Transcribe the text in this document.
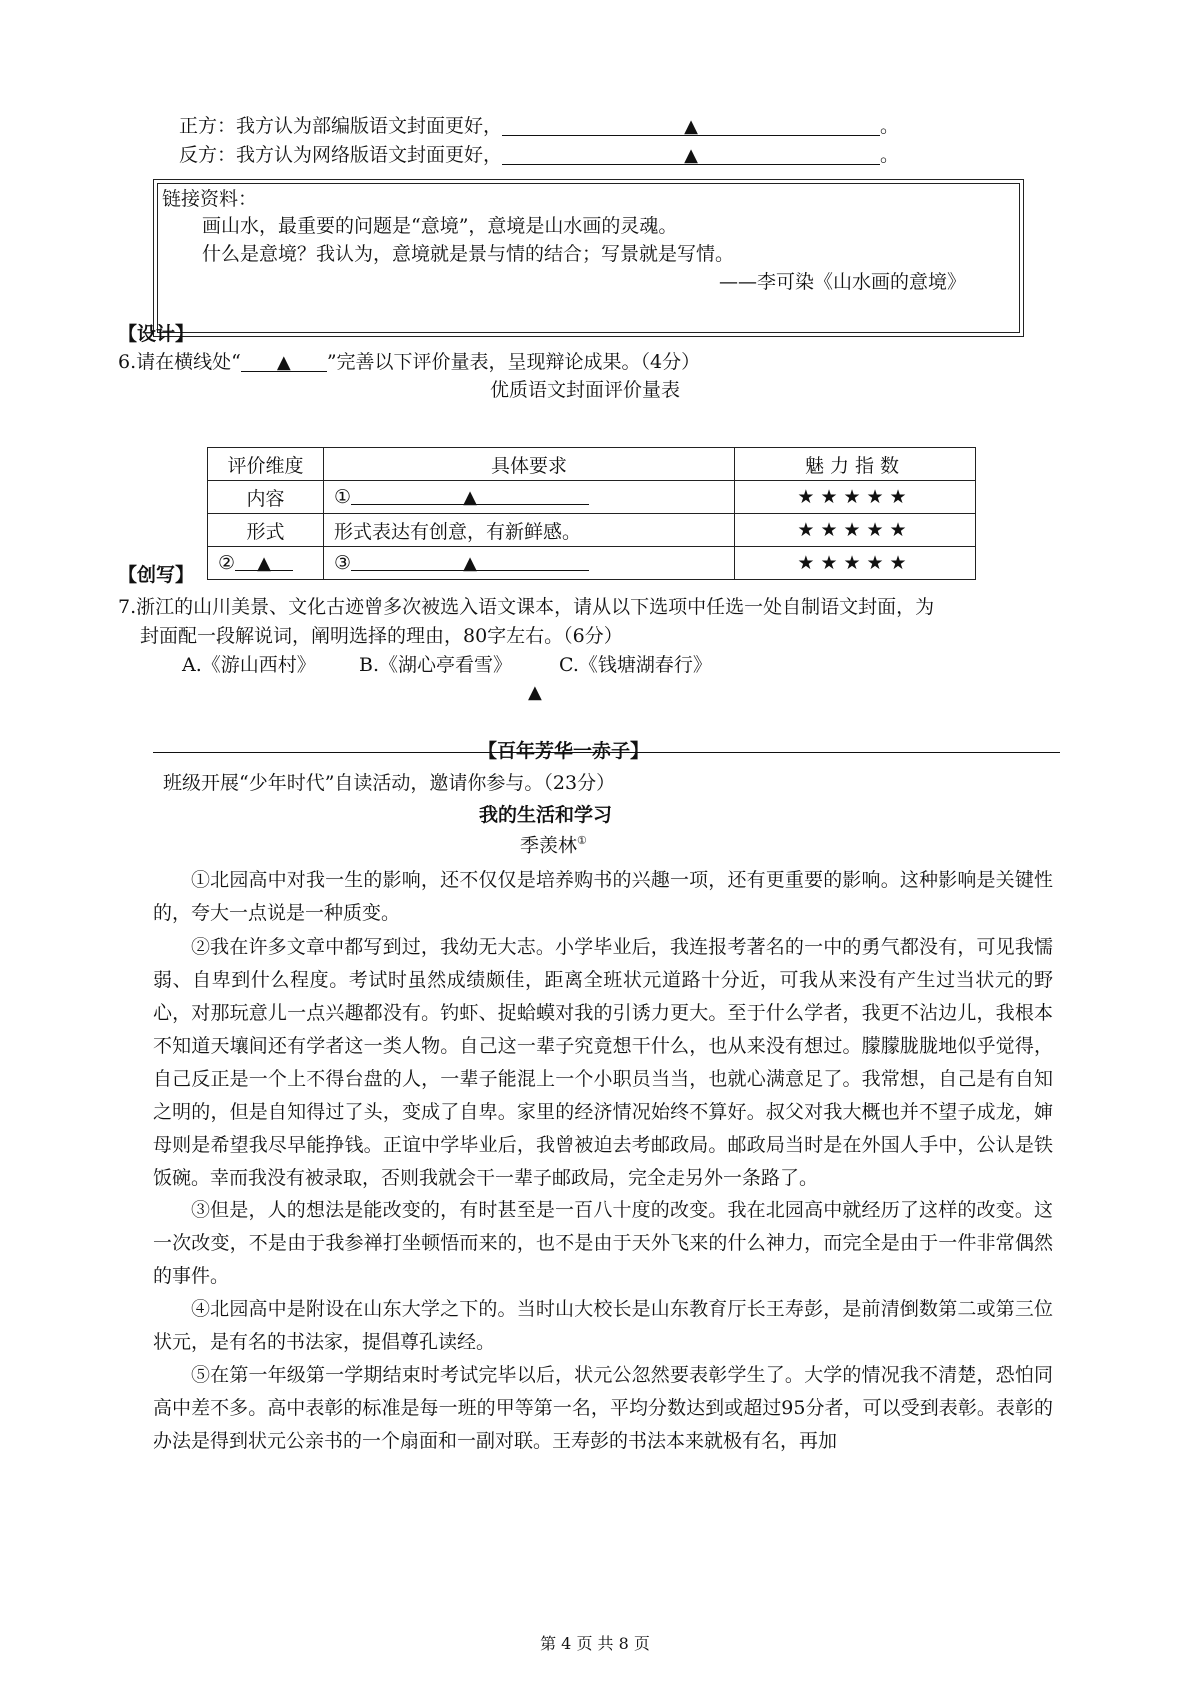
正方：我方认为部编版语文封面更好，	▲	。
反方：我方认为网络版语文封面更好，	▲	。
链接资料：
画山水，最重要的问题是“意境”，意境是山水画的灵魂。
什么是意境？我认为，意境就是景与情的结合；写景就是写情。
——李可染《山水画的意境》
【设计】
6.请在横线处“ ▲ ”完善以下评价量表，呈现辩论成果。（4分）
优质语文封面评价量表
评价维度	具体要求	魅力指数
内容	① ▲	★★★★★
形式	形式表达有创意，有新鲜感。	★★★★★
② ▲	③ ▲	★★★★★
【创写】
7.浙江的山川美景、文化古迹曾多次被选入语文课本，请从以下选项中任选一处自制语文封面，为
封面配一段解说词，阐明选择的理由，80字左右。（6分）
A.《游山西村》 B.《湖心亭看雪》 C.《钱塘湖春行》
▲
【百年芳华一赤子】
班级开展“少年时代”自读活动，邀请你参与。（23分）
我的生活和学习
季羡林①
①北园高中对我一生的影响，还不仅仅是培养购书的兴趣一项，还有更重要的影响。这种影响是关键性的，夸大一点说是一种质变。
②我在许多文章中都写到过，我幼无大志。小学毕业后，我连报考著名的一中的勇气都没有，可见我懦弱、自卑到什么程度。考试时虽然成绩颇佳，距离全班状元道路十分近，可我从来没有产生过当状元的野心，对那玩意儿一点兴趣都没有。钓虾、捉蛤蟆对我的引诱力更大。至于什么学者，我更不沾边儿，我根本不知道天壤间还有学者这一类人物。自己这一辈子究竟想干什么，也从来没有想过。朦朦胧胧地似乎觉得，自己反正是一个上不得台盘的人，一辈子能混上一个小职员当当，也就心满意足了。我常想，自己是有自知之明的，但是自知得过了头，变成了自卑。家里的经济情况始终不算好。叔父对我大概也并不望子成龙，婶母则是希望我尽早能挣钱。正谊中学毕业后，我曾被迫去考邮政局。邮政局当时是在外国人手中，公认是铁饭碗。幸而我没有被录取，否则我就会干一辈子邮政局，完全走另外一条路了。
③但是，人的想法是能改变的，有时甚至是一百八十度的改变。我在北园高中就经历了这样的改变。这一次改变，不是由于我参禅打坐顿悟而来的，也不是由于天外飞来的什么神力，而完全是由于一件非常偶然的事件。
④北园高中是附设在山东大学之下的。当时山大校长是山东教育厅长王寿彭，是前清倒数第二或第三位状元，是有名的书法家，提倡尊孔读经。
⑤在第一年级第一学期结束时考试完毕以后，状元公忽然要表彰学生了。大学的情况我不清楚，恐怕同高中差不多。高中表彰的标准是每一班的甲等第一名，平均分数达到或超过95分者，可以受到表彰。表彰的办法是得到状元公亲书的一个扇面和一副对联。王寿彭的书法本来就极有名，再加
第 4 页 共 8 页
